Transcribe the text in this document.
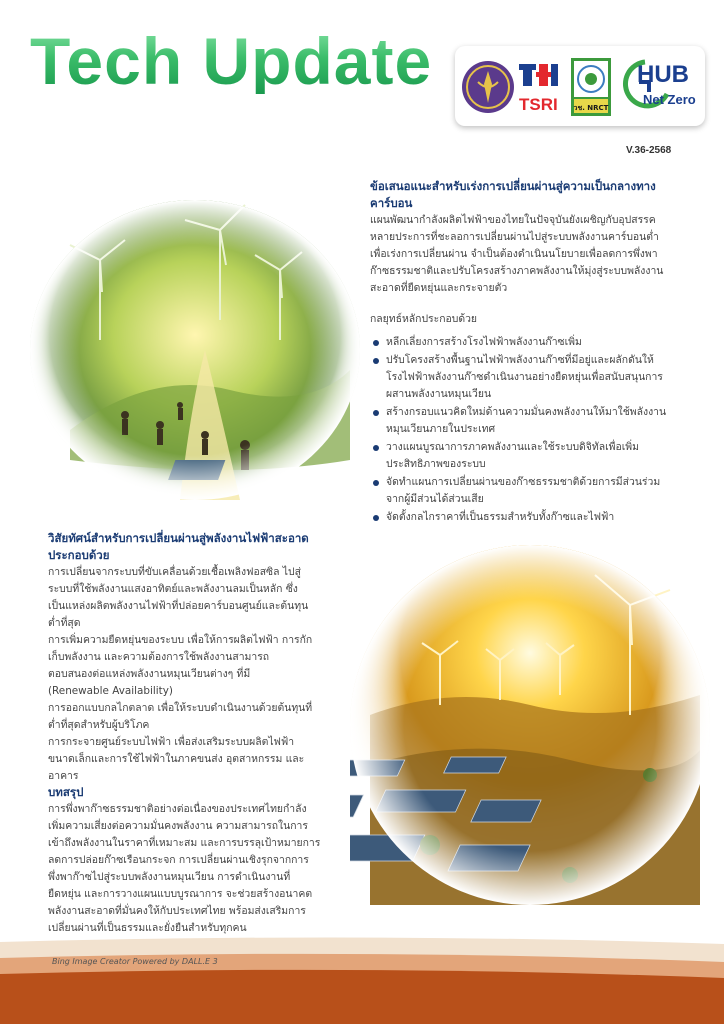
Tech Update
TSRI วช. NRCT
HUB
Net Zero
V.36-2568
ข้อเสนอแนะสำหรับเร่งการเปลี่ยนผ่านสู่ความเป็นกลางทาง
คาร์บอน
แผนพัฒนากำลังผลิตไฟฟ้าของไทยในปัจจุบันยังเผชิญกับอุปสรรค
หลายประการที่ชะลอการเปลี่ยนผ่านไปสู่ระบบพลังงานคาร์บอนต่ำ
เพื่อเร่งการเปลี่ยนผ่าน จำเป็นต้องดำเนินนโยบายเพื่อลดการพึ่งพา
ก๊าซธรรมชาติและปรับโครงสร้างภาคพลังงานให้มุ่งสู่ระบบพลังงาน
สะอาดที่ยืดหยุ่นและกระจายตัว
กลยุทธ์หลักประกอบด้วย
หลีกเลี่ยงการสร้างโรงไฟฟ้าพลังงานก๊าซเพิ่ม
ปรับโครงสร้างพื้นฐานไฟฟ้าพลังงานก๊าซที่มีอยู่และผลักดันให้
โรงไฟฟ้าพลังงานก๊าซดำเนินงานอย่างยืดหยุ่นเพื่อสนับสนุนการ
ผสานพลังงานหมุนเวียน
สร้างกรอบแนวคิดใหม่ด้านความมั่นคงพลังงานให้มาใช้พลังงาน
หมุนเวียนภายในประเทศ
วางแผนบูรณาการภาคพลังงานและใช้ระบบดิจิทัลเพื่อเพิ่ม
ประสิทธิภาพของระบบ
จัดทำแผนการเปลี่ยนผ่านของก๊าซธรรมชาติด้วยการมีส่วนร่วม
จากผู้มีส่วนได้ส่วนเสีย
จัดตั้งกลไกราคาที่เป็นธรรมสำหรับทั้งก๊าซและไฟฟ้า
วิสัยทัศน์สำหรับการเปลี่ยนผ่านสู่พลังงานไฟฟ้าสะอาด
ประกอบด้วย
การเปลี่ยนจากระบบที่ขับเคลื่อนด้วยเชื้อเพลิงฟอสซิล ไปสู่
ระบบที่ใช้พลังงานแสงอาทิตย์และพลังงานลมเป็นหลัก ซึ่ง
เป็นแหล่งผลิตพลังงานไฟฟ้าที่ปล่อยคาร์บอนศูนย์และต้นทุน
ต่ำที่สุด
การเพิ่มความยืดหยุ่นของระบบ เพื่อให้การผลิตไฟฟ้า การกัก
เก็บพลังงาน และความต้องการใช้พลังงานสามารถ
ตอบสนองต่อแหล่งพลังงานหมุนเวียนต่างๆ ที่มี
(Renewable Availability)
การออกแบบกลไกตลาด เพื่อให้ระบบดำเนินงานด้วยต้นทุนที่
ต่ำที่สุดสำหรับผู้บริโภค
การกระจายศูนย์ระบบไฟฟ้า เพื่อส่งเสริมระบบผลิตไฟฟ้า
ขนาดเล็กและการใช้ไฟฟ้าในภาคขนส่ง อุตสาหกรรม และ
อาคาร
บทสรุป
การพึ่งพาก๊าซธรรมชาติอย่างต่อเนื่องของประเทศไทยกำลัง
เพิ่มความเสี่ยงต่อความมั่นคงพลังงาน ความสามารถในการ
เข้าถึงพลังงานในราคาที่เหมาะสม และการบรรลุเป้าหมายการ
ลดการปล่อยก๊าซเรือนกระจก การเปลี่ยนผ่านเชิงรุกจากการ
พึ่งพาก๊าซไปสู่ระบบพลังงานหมุนเวียน การดำเนินงานที่
ยืดหยุ่น และการวางแผนแบบบูรณาการ จะช่วยสร้างอนาคต
พลังงานสะอาดที่มั่นคงให้กับประเทศไทย พร้อมส่งเสริมการ
เปลี่ยนผ่านที่เป็นธรรมและยั่งยืนสำหรับทุกคน
Bing Image Creator Powered by DALL.E 3
